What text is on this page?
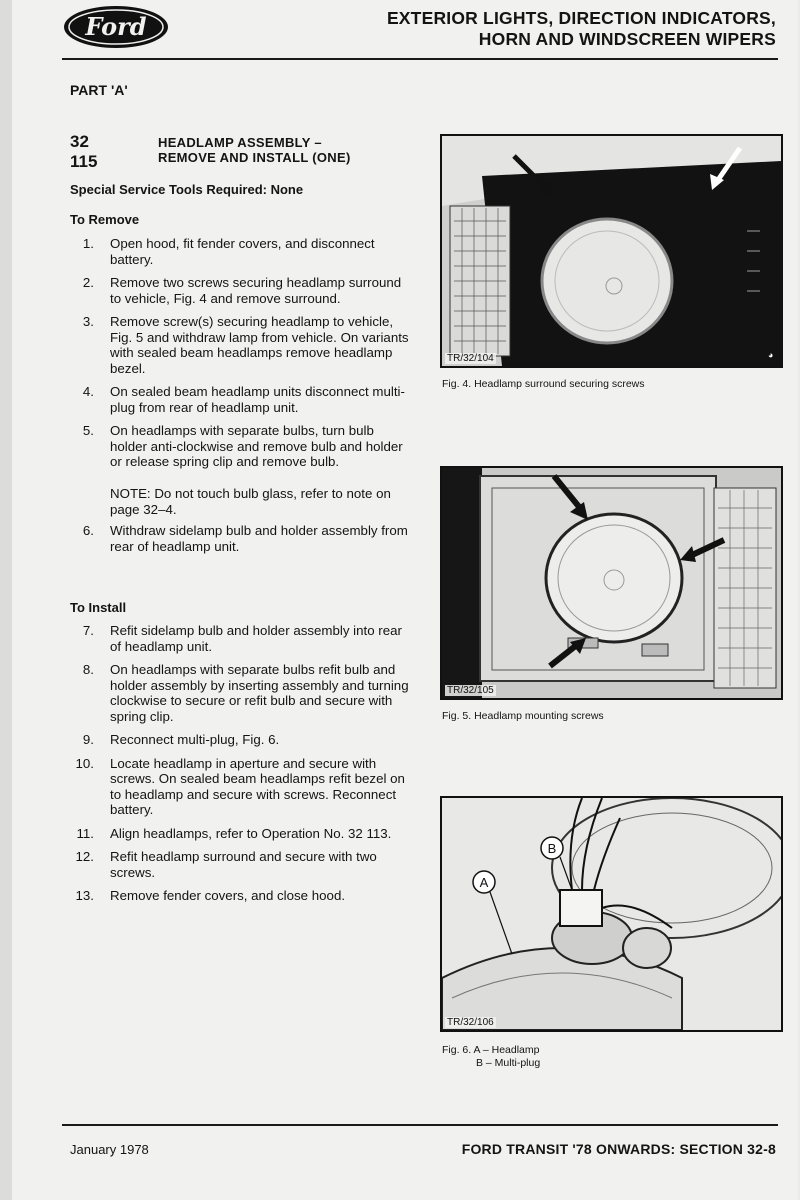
Ford	EXTERIOR LIGHTS, DIRECTION INDICATORS,
HORN AND WINDSCREEN WIPERS
PART 'A'

32 115
HEADLAMP ASSEMBLY –
REMOVE AND INSTALL (ONE)
Special Service Tools Required: None
To Remove
1. Open hood, fit fender covers, and disconnect battery.
2. Remove two screws securing headlamp surround to vehicle, Fig. 4 and remove surround.
3. Remove screw(s) securing headlamp to vehicle, Fig. 5 and withdraw lamp from vehicle. On variants with sealed beam headlamps remove headlamp bezel.
4. On sealed beam headlamp units disconnect multi-plug from rear of headlamp unit.
5. On headlamps with separate bulbs, turn bulb holder anti-clockwise and remove bulb and holder or release spring clip and remove bulb.
NOTE: Do not touch bulb glass, refer to note on page 32–4.
6. Withdraw sidelamp bulb and holder assembly from rear of headlamp unit.
To Install
7. Refit sidelamp bulb and holder assembly into rear of headlamp unit.
8. On headlamps with separate bulbs refit bulb and holder assembly by inserting assembly and turning clockwise to secure or refit bulb and secure with spring clip.
9. Reconnect multi-plug, Fig. 6.
10. Locate headlamp in aperture and secure with screws. On sealed beam headlamps refit bezel on to headlamp and secure with screws. Reconnect battery.
11. Align headlamps, refer to Operation No. 32 113.
12. Refit headlamp surround and secure with two screws.
13. Remove fender covers, and close hood.
◕
TR/32/104
Fig. 4. Headlamp surround securing screws
TR/32/105
Fig. 5. Headlamp mounting screws
B
A
TR/32/106
Fig. 6. A – Headlamp
B – Multi-plug
January 1978	FORD TRANSIT '78 ONWARDS: SECTION 32-8
